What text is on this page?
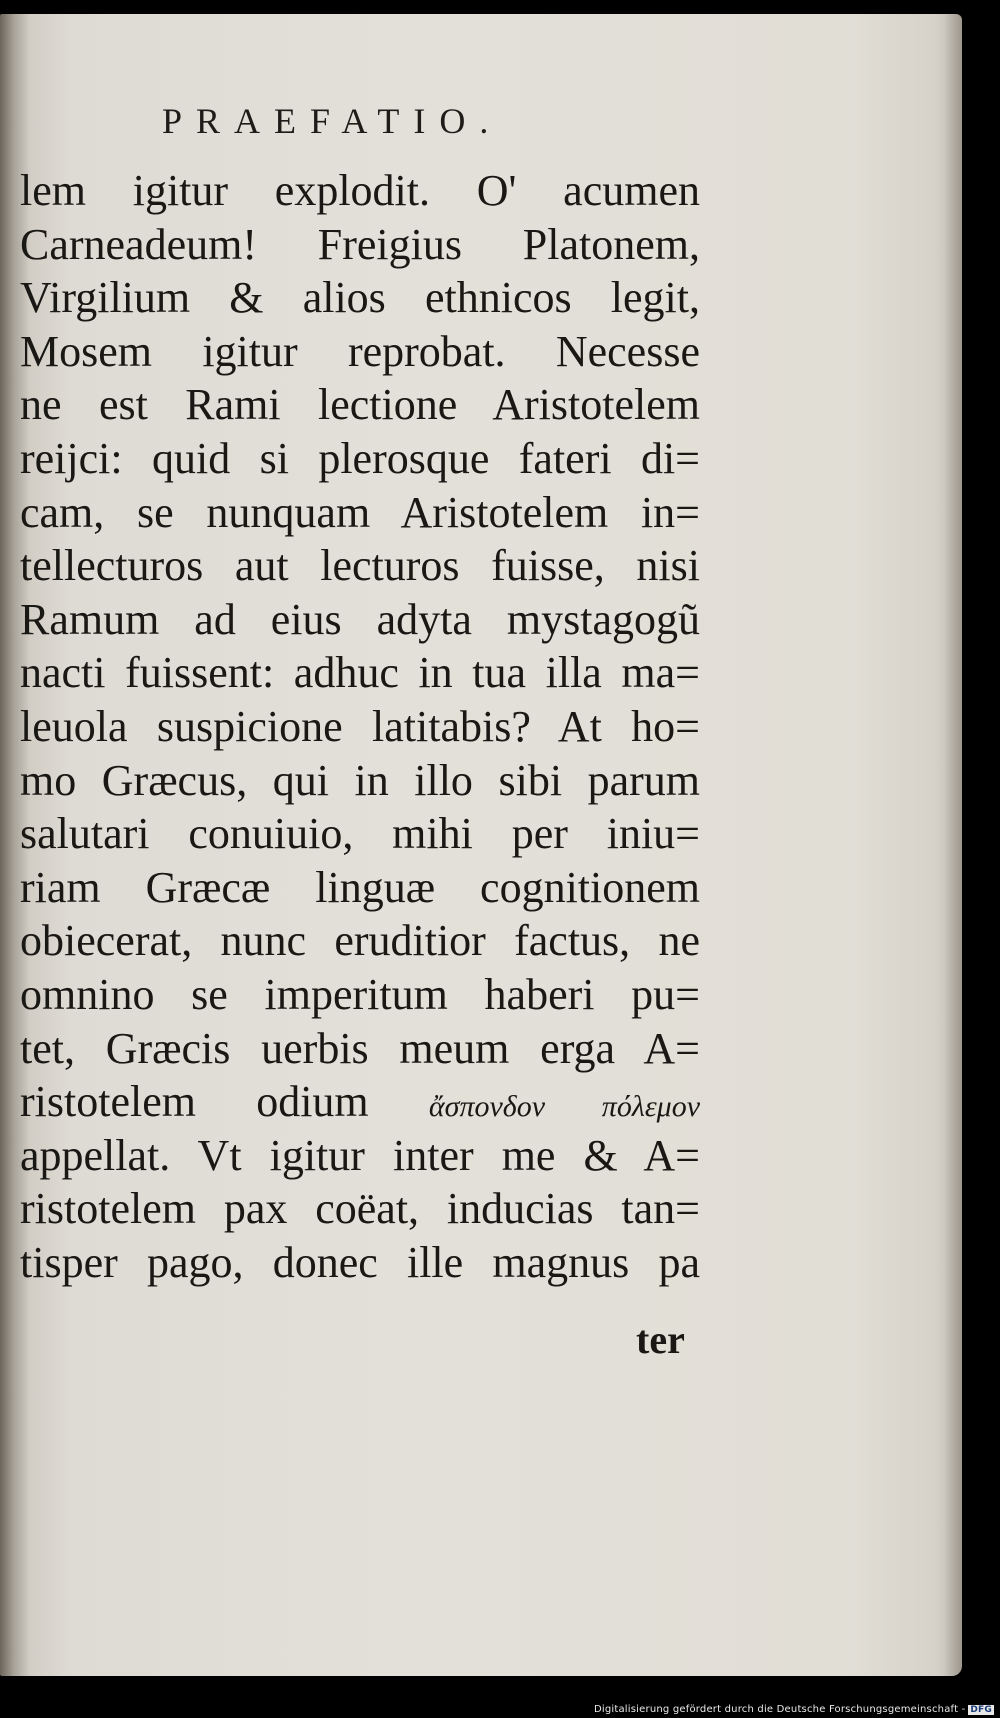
PRAEFATIO.
lem igitur explodit. O' acumen
Carneadeum! Freigius Platonem,
Virgilium & alios ethnicos legit,
Mosem igitur reprobat. Necesse
ne est Rami lectione Aristotelem
reijci: quid si plerosque fateri di=
cam, se nunquam Aristotelem in=
tellecturos aut lecturos fuisse, nisi
Ramum ad eius adyta mystagogũ
nacti fuissent: adhuc in tua illa ma=
leuola suspicione latitabis? At ho=
mo Græcus, qui in illo sibi parum
salutari conuiuio, mihi per iniu=
riam Græcæ linguæ cognitionem
obiecerat, nunc eruditior factus, ne
omnino se imperitum haberi pu=
tet, Græcis uerbis meum erga A=
ristotelem odium ἄσπονδον πόλεμον
appellat. Vt igitur inter me & A=
ristotelem pax coëat, inducias tan=
tisper pago, donec ille magnus pa
ter
Digitalisierung gefördert durch die Deutsche Forschungsgemeinschaft - DFG
